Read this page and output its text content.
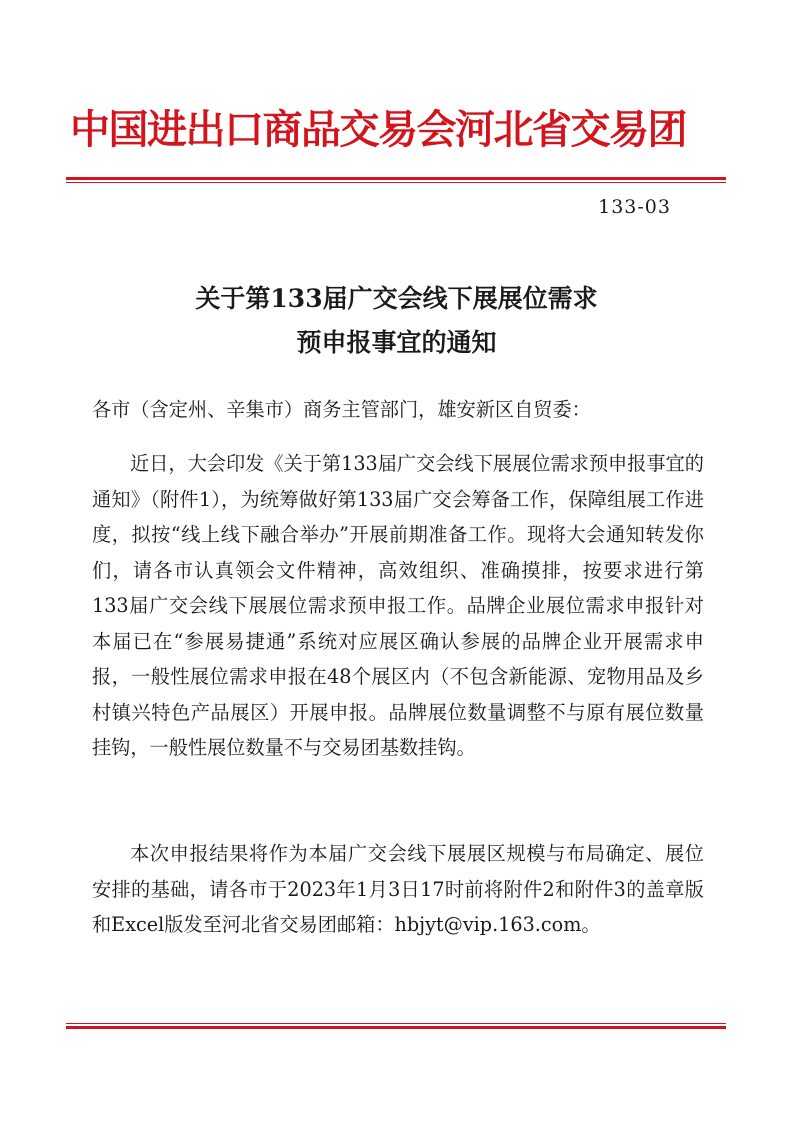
中国进出口商品交易会河北省交易团
133-03
关于第133届广交会线下展展位需求
预申报事宜的通知
各市（含定州、辛集市）商务主管部门，雄安新区自贸委：
近日，大会印发《关于第133届广交会线下展展位需求预申报事宜的通知》（附件1），为统筹做好第133届广交会筹备工作，保障组展工作进度，拟按“线上线下融合举办”开展前期准备工作。现将大会通知转发你们，请各市认真领会文件精神，高效组织、准确摸排，按要求进行第133届广交会线下展展位需求预申报工作。品牌企业展位需求申报针对本届已在“参展易捷通”系统对应展区确认参展的品牌企业开展需求申报，一般性展位需求申报在48个展区内（不包含新能源、宠物用品及乡村镇兴特色产品展区）开展申报。品牌展位数量调整不与原有展位数量挂钩，一般性展位数量不与交易团基数挂钩。
本次申报结果将作为本届广交会线下展展区规模与布局确定、展位安排的基础，请各市于2023年1月3日17时前将附件2和附件3的盖章版和Excel版发至河北省交易团邮箱：hbjyt@vip.163.com。
